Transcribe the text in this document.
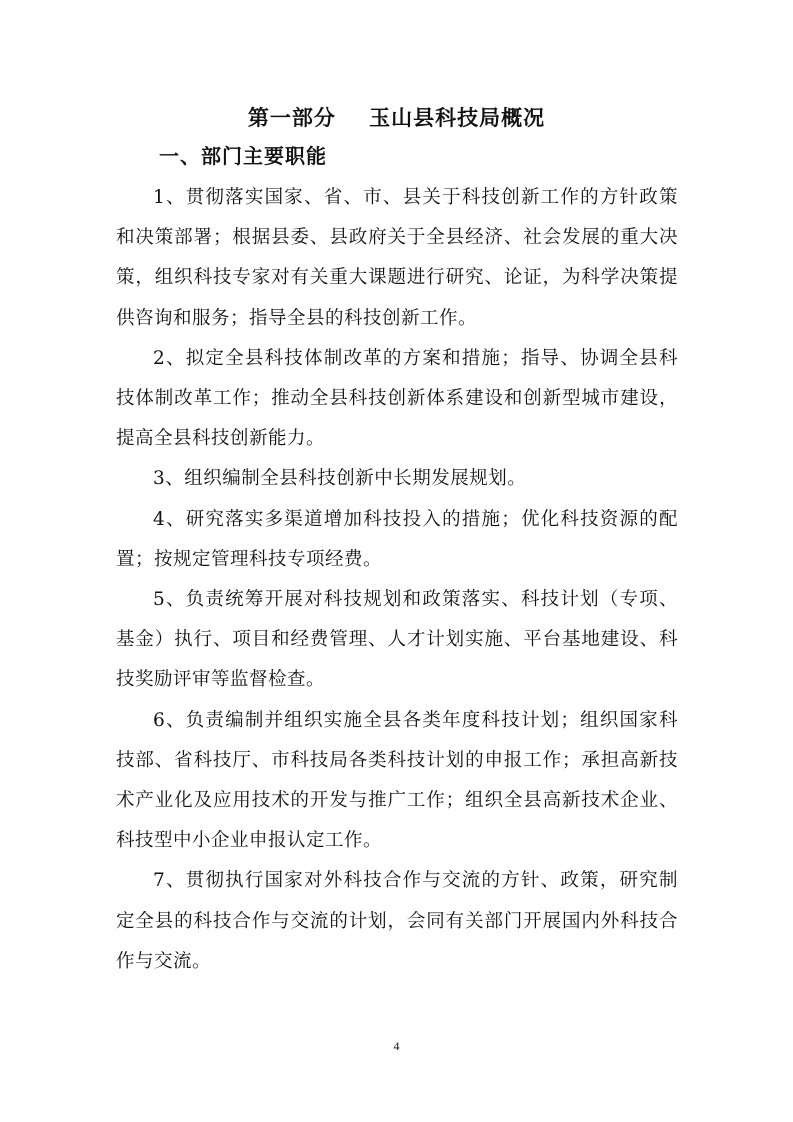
第一部分    玉山县科技局概况
一、部门主要职能

1、贯彻落实国家、省、市、县关于科技创新工作的方针政策和决策部署；根据县委、县政府关于全县经济、社会发展的重大决策，组织科技专家对有关重大课题进行研究、论证，为科学决策提供咨询和服务；指导全县的科技创新工作。

2、拟定全县科技体制改革的方案和措施；指导、协调全县科技体制改革工作；推动全县科技创新体系建设和创新型城市建设，提高全县科技创新能力。

3、组织编制全县科技创新中长期发展规划。

4、研究落实多渠道增加科技投入的措施；优化科技资源的配置；按规定管理科技专项经费。

5、负责统筹开展对科技规划和政策落实、科技计划（专项、基金）执行、项目和经费管理、人才计划实施、平台基地建设、科技奖励评审等监督检查。

6、负责编制并组织实施全县各类年度科技计划；组织国家科技部、省科技厅、市科技局各类科技计划的申报工作；承担高新技术产业化及应用技术的开发与推广工作；组织全县高新技术企业、科技型中小企业申报认定工作。

7、贯彻执行国家对外科技合作与交流的方针、政策，研究制定全县的科技合作与交流的计划，会同有关部门开展国内外科技合作与交流。

4
